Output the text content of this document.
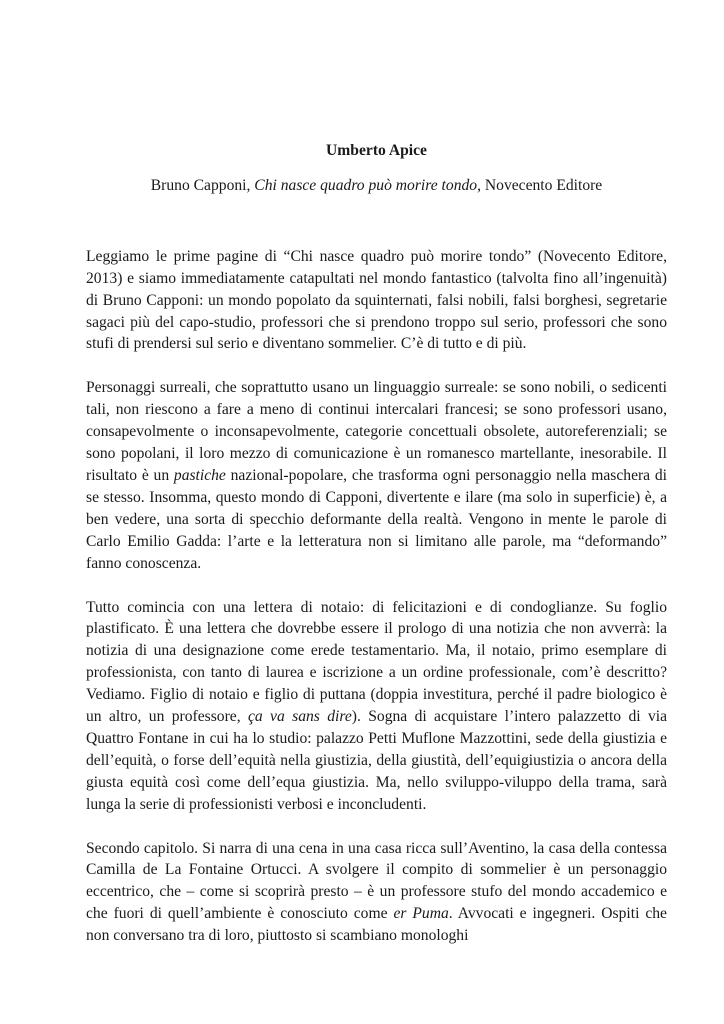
Umberto Apice
Bruno Capponi, Chi nasce quadro può morire tondo, Novecento Editore

Leggiamo le prime pagine di “Chi nasce quadro può morire tondo” (Novecento Editore, 2013) e siamo immediatamente catapultati nel mondo fantastico (talvolta fino all’ingenuità) di Bruno Capponi: un mondo popolato da squinternati, falsi nobili, falsi borghesi, segretarie sagaci più del capo-studio, professori che si prendono troppo sul serio, professori che sono stufi di prendersi sul serio e diventano sommelier. C’è di tutto e di più.

Personaggi surreali, che soprattutto usano un linguaggio surreale: se sono nobili, o sedicenti tali, non riescono a fare a meno di continui intercalari francesi; se sono professori usano, consapevolmente o inconsapevolmente, categorie concettuali obsolete, autoreferenziali; se sono popolani, il loro mezzo di comunicazione è un romanesco martellante, inesorabile. Il risultato è un pastiche nazional-popolare, che trasforma ogni personaggio nella maschera di se stesso. Insomma, questo mondo di Capponi, divertente e ilare (ma solo in superficie) è, a ben vedere, una sorta di specchio deformante della realtà. Vengono in mente le parole di Carlo Emilio Gadda: l’arte e la letteratura non si limitano alle parole, ma “deformando” fanno conoscenza.

Tutto comincia con una lettera di notaio: di felicitazioni e di condoglianze. Su foglio plastificato. È una lettera che dovrebbe essere il prologo di una notizia che non avverrà: la notizia di una designazione come erede testamentario. Ma, il notaio, primo esemplare di professionista, con tanto di laurea e iscrizione a un ordine professionale, com’è descritto? Vediamo. Figlio di notaio e figlio di puttana (doppia investitura, perché il padre biologico è un altro, un professore, ça va sans dire). Sogna di acquistare l’intero palazzetto di via Quattro Fontane in cui ha lo studio: palazzo Petti Muflone Mazzottini, sede della giustizia e dell’equità, o forse dell’equità nella giustizia, della giustità, dell’equigiustizia o ancora della giusta equità così come dell’equa giustizia. Ma, nello sviluppo-viluppo della trama, sarà lunga la serie di professionisti verbosi e inconcludenti.

Secondo capitolo. Si narra di una cena in una casa ricca sull’Aventino, la casa della contessa Camilla de La Fontaine Ortucci. A svolgere il compito di sommelier è un personaggio eccentrico, che – come si scoprirà presto – è un professore stufo del mondo accademico e che fuori di quell’ambiente è conosciuto come er Puma. Avvocati e ingegneri. Ospiti che non conversano tra di loro, piuttosto si scambiano monologhi
